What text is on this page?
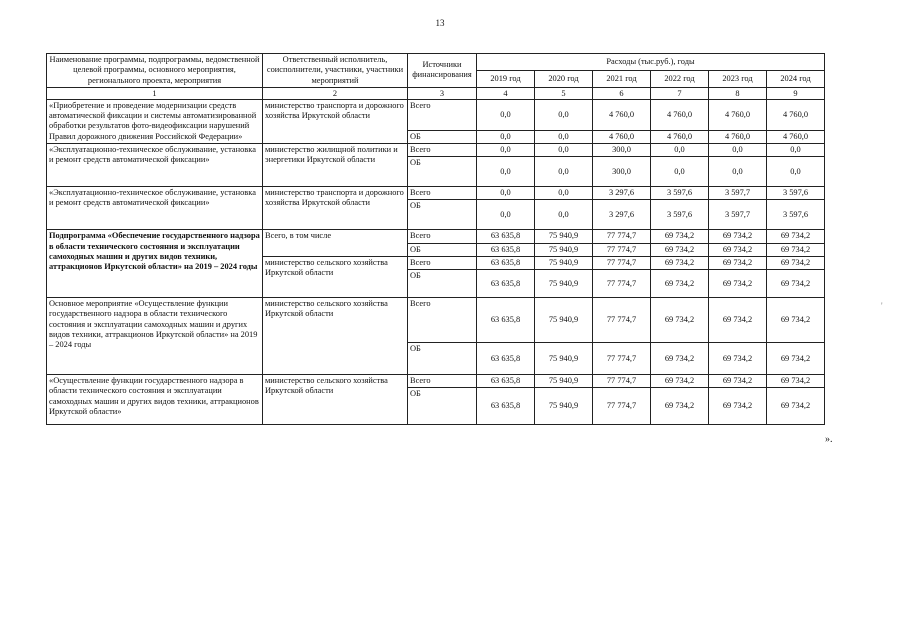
13
'
Наименование программы, подпрограммы, ведомственной целевой программы, основного мероприятия, регионального проекта, мероприятия	Ответственный исполнитель, соисполнители, участники, участники мероприятий	Источники финансирования	Расходы (тыс.руб.), годы					
			2019 год	2020 год	2021 год	2022 год	2023 год	2024 год
1	2	3	4	5	6	7	8	9
«Приобретение и проведение модернизации средств автоматической фиксации и системы автоматизированной обработки результатов фото-видеофиксации нарушений Правил дорожного движения Российской Федерации»	министерство транспорта и дорожного хозяйства Иркутской области	Всего	0,0	0,0	4 760,0	4 760,0	4 760,0	4 760,0
		ОБ	0,0	0,0	4 760,0	4 760,0	4 760,0	4 760,0
«Эксплуатационно-техническое обслуживание, установка и ремонт средств автоматической фиксации»	министерство жилищной политики и энергетики Иркутской области	Всего	0,0	0,0	300,0	0,0	0,0	0,0
		ОБ	0,0	0,0	300,0	0,0	0,0	0,0
«Эксплуатационно-техническое обслуживание, установка и ремонт средств автоматической фиксации»	министерство транспорта и дорожного хозяйства Иркутской области	Всего	0,0	0,0	3 297,6	3 597,6	3 597,7	3 597,6
		ОБ	0,0	0,0	3 297,6	3 597,6	3 597,7	3 597,6
Подпрограмма «Обеспечение государственного надзора в области технического состояния и эксплуатации самоходных машин и других видов техники, аттракционов Иркутской области» на 2019 – 2024 годы	Всего, в том числе	Всего	63 635,8	75 940,9	77 774,7	69 734,2	69 734,2	69 734,2
		ОБ	63 635,8	75 940,9	77 774,7	69 734,2	69 734,2	69 734,2
	министерство сельского хозяйства Иркутской области	Всего	63 635,8	75 940,9	77 774,7	69 734,2	69 734,2	69 734,2
		ОБ	63 635,8	75 940,9	77 774,7	69 734,2	69 734,2	69 734,2
Основное мероприятие «Осуществление функции государственного надзора в области технического состояния и эксплуатации самоходных машин и других видов техники, аттракционов Иркутской области» на 2019 – 2024 годы	министерство сельского хозяйства Иркутской области	Всего	63 635,8	75 940,9	77 774,7	69 734,2	69 734,2	69 734,2
		ОБ	63 635,8	75 940,9	77 774,7	69 734,2	69 734,2	69 734,2
«Осуществление функции государственного надзора в области технического состояния и эксплуатации самоходных машин и других видов техники, аттракционов Иркутской области»	министерство сельского хозяйства Иркутской области	Всего	63 635,8	75 940,9	77 774,7	69 734,2	69 734,2	69 734,2
		ОБ	63 635,8	75 940,9	77 774,7	69 734,2	69 734,2	69 734,2
».
